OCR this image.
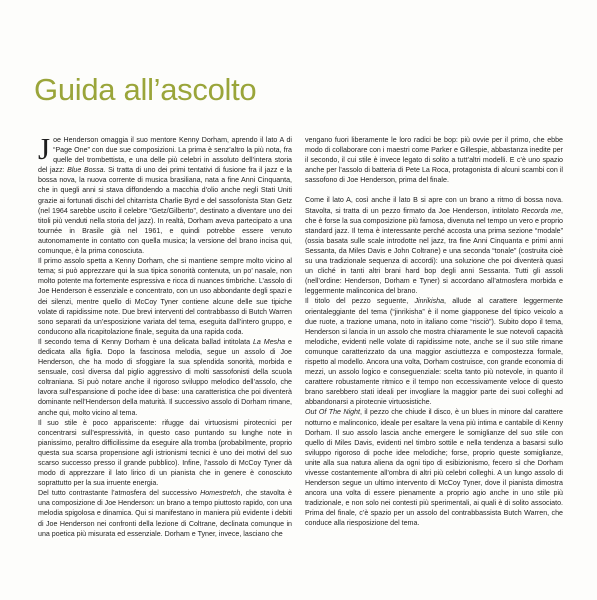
Guida all’ascolto

Joe Henderson omaggia il suo mentore Kenny Dorham, aprendo il lato A di “Page One” con due sue composizioni. La prima è senz’altro la più nota, fra quelle del trombettista, e una delle più celebri in assoluto dell’intera storia del jazz: Blue Bossa. Si tratta di uno dei primi tentativi di fusione fra il jazz e la bossa nova, la nuova corrente di musica brasiliana, nata a fine Anni Cinquanta, che in quegli anni si stava diffondendo a macchia d’olio anche negli Stati Uniti grazie ai fortunati dischi del chitarrista Charlie Byrd e del sassofonista Stan Getz (nel 1964 sarebbe uscito il celebre “Getz/Gilberto”, destinato a diventare uno dei titoli più venduti nella storia del jazz). In realtà, Dorham aveva partecipato a una tournée in Brasile già nel 1961, e quindi potrebbe essere venuto autonomamente in contatto con quella musica; la versione del brano incisa qui, comunque, è la prima conosciuta.

Il primo assolo spetta a Kenny Dorham, che si mantiene sempre molto vicino al tema; si può apprezzare qui la sua tipica sonorità contenuta, un po’ nasale, non molto potente ma fortemente espressiva e ricca di nuances timbriche. L’assolo di Joe Henderson è essenziale e concentrato, con un uso abbondante degli spazi e dei silenzi, mentre quello di McCoy Tyner contiene alcune delle sue tipiche volate di rapidissime note. Due brevi interventi del contrabbasso di Butch Warren sono separati da un’esposizione variata del tema, eseguita dall’intero gruppo, e conducono alla ricapitolazione finale, seguita da una rapida coda.

Il secondo tema di Kenny Dorham è una delicata ballad intitolata La Mesha e dedicata alla figlia. Dopo la fascinosa melodia, segue un assolo di Joe Henderson, che ha modo di sfoggiare la sua splendida sonorità, morbida e sensuale, così diversa dal piglio aggressivo di molti sassofonisti della scuola coltraniana. Si può notare anche il rigoroso sviluppo melodico dell’assolo, che lavora sull’espansione di poche idee di base: una caratteristica che poi diventerà dominante nell’Henderson della maturità. Il successivo assolo di Dorham rimane, anche qui, molto vicino al tema.

Il suo stile è poco appariscente: rifugge dai virtuosismi pirotecnici per concentrarsi sull’espressività, in questo caso puntando su lunghe note in pianissimo, peraltro difficilissime da eseguire alla tromba (probabilmente, proprio questa sua scarsa propensione agli istrionismi tecnici è uno dei motivi del suo scarso successo presso il grande pubblico). Infine, l’assolo di McCoy Tyner dà modo di apprezzare il lato lirico di un pianista che in genere è conosciuto soprattutto per la sua irruente energia.

Del tutto contrastante l’atmosfera del successivo Homestretch, che stavolta è una composizione di Joe Henderson: un brano a tempo piuttosto rapido, con una melodia spigolosa e dinamica. Qui si manifestano in maniera più evidente i debiti di Joe Henderson nei confronti della lezione di Coltrane, declinata comunque in una poetica più misurata ed essenziale. Dorham e Tyner, invece, lasciano che

vengano fuori liberamente le loro radici be bop: più ovvie per il primo, che ebbe modo di collaborare con i maestri come Parker e Gillespie, abbastanza inedite per il secondo, il cui stile è invece legato di solito a tutt’altri modelli. E c’è uno spazio anche per l’assolo di batteria di Pete La Roca, protagonista di alcuni scambi con il sassofono di Joe Henderson, prima del finale.

Come il lato A, così anche il lato B si apre con un brano a ritmo di bossa nova. Stavolta, si tratta di un pezzo firmato da Joe Henderson, intitolato Recorda me, che è forse la sua composizione più famosa, divenuta nel tempo un vero e proprio standard jazz. Il tema è interessante perché accosta una prima sezione “modale” (ossia basata sulle scale introdotte nel jazz, tra fine Anni Cinquanta e primi anni Sessanta, da Miles Davis e John Coltrane) e una seconda “tonale” (costruita cioè su una tradizionale sequenza di accordi): una soluzione che poi diventerà quasi un cliché in tanti altri brani hard bop degli anni Sessanta. Tutti gli assoli (nell’ordine: Henderson, Dorham e Tyner) si accordano all’atmosfera morbida e leggermente malinconica del brano.

Il titolo del pezzo seguente, Jinrikisha, allude al carattere leggermente orientaleggiante del tema (“jinrikisha” è il nome giapponese del tipico veicolo a due ruote, a trazione umana, noto in italiano come “risciò”). Subito dopo il tema, Henderson si lancia in un assolo che mostra chiaramente le sue notevoli capacità melodiche, evidenti nelle volate di rapidissime note, anche se il suo stile rimane comunque caratterizzato da una maggior asciuttezza e compostezza formale, rispetto al modello. Ancora una volta, Dorham costruisce, con grande economia di mezzi, un assolo logico e conseguenziale: scelta tanto più notevole, in quanto il carattere robustamente ritmico e il tempo non eccessivamente veloce di questo brano sarebbero stati ideali per invogliare la maggior parte dei suoi colleghi ad abbandonarsi a pirotecnie virtuosistiche.

Out Of The Night, il pezzo che chiude il disco, è un blues in minore dal carattere notturno e malinconico, ideale per esaltare la vena più intima e cantabile di Kenny Dorham. Il suo assolo lascia anche emergere le somiglianze del suo stile con quello di Miles Davis, evidenti nel timbro sottile e nella tendenza a basarsi sullo sviluppo rigoroso di poche idee melodiche; forse, proprio queste somiglianze, unite alla sua natura aliena da ogni tipo di esibizionismo, fecero sì che Dorham vivesse costantemente all’ombra di altri più celebri colleghi. A un lungo assolo di Henderson segue un ultimo intervento di McCoy Tyner, dove il pianista dimostra ancora una volta di essere pienamente a proprio agio anche in uno stile più tradizionale, e non solo nei contesti più sperimentali, ai quali è di solito associato. Prima del finale, c’è spazio per un assolo del contrabbassista Butch Warren, che conduce alla riesposizione del tema.
